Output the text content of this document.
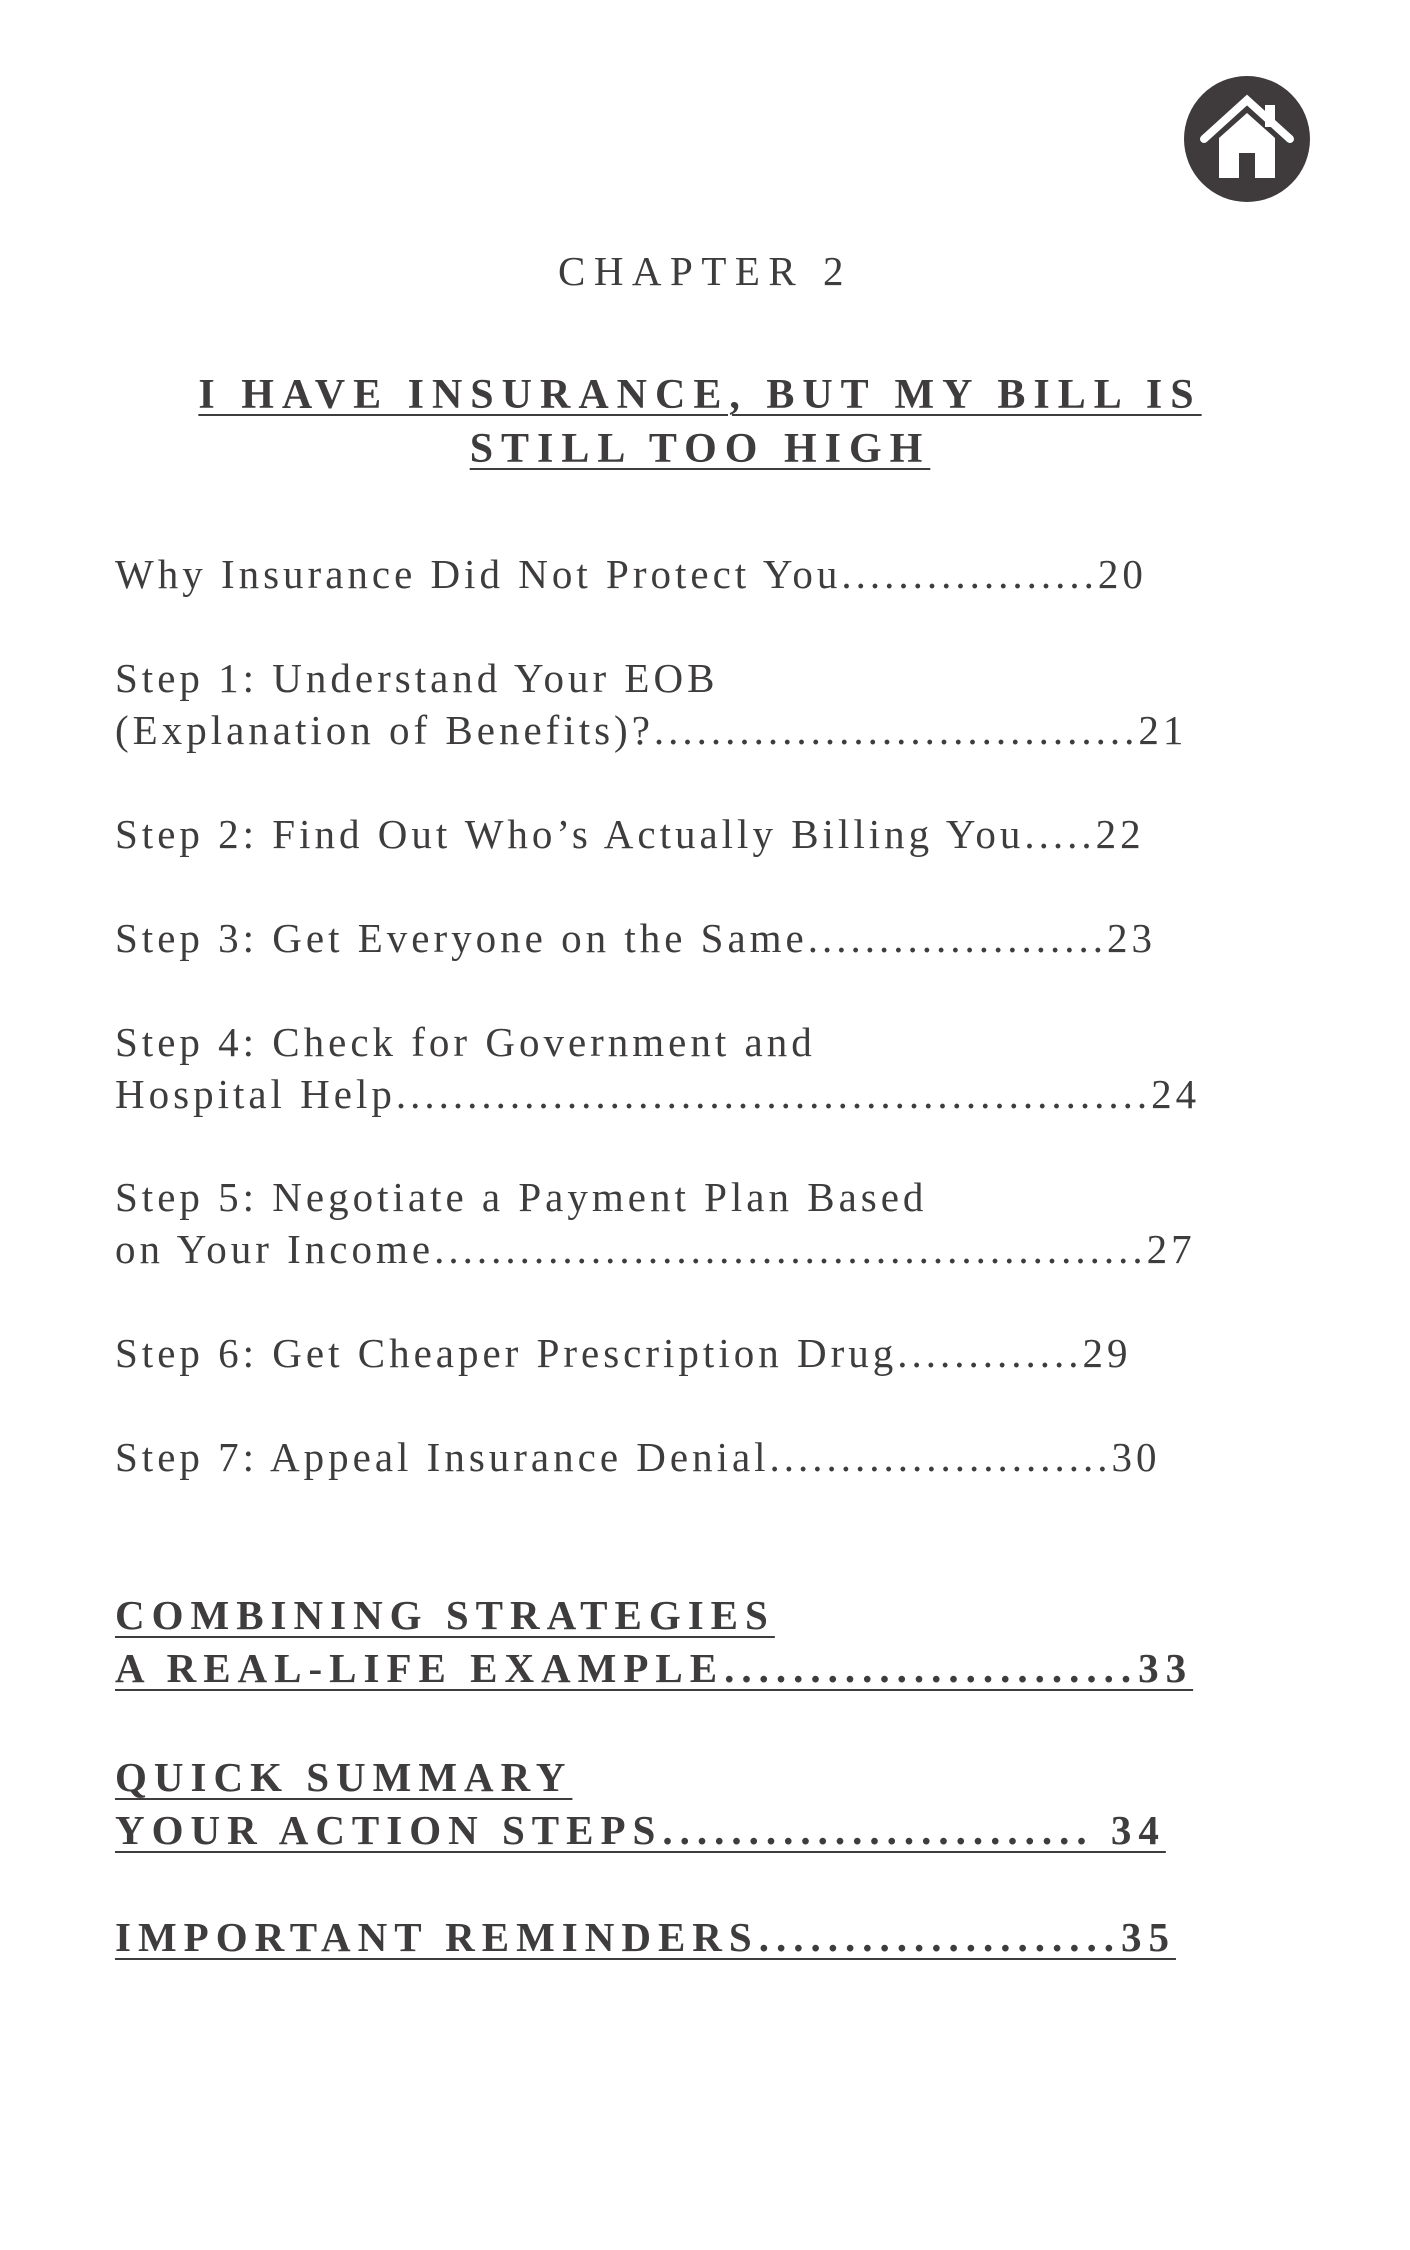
CHAPTER 2
I HAVE INSURANCE, BUT MY BILL IS
STILL TOO HIGH
Why Insurance Did Not Protect You..................20
Step 1: Understand Your EOB
(Explanation of Benefits)?..................................21
Step 2: Find Out Who’s Actually Billing You.....22
Step 3: Get Everyone on the Same.....................23
Step 4: Check for Government and
Hospital Help.....................................................24
Step 5: Negotiate a Payment Plan Based
on Your Income..................................................27
Step 6: Get Cheaper Prescription Drug.............29
Step 7: Appeal Insurance Denial........................30
COMBINING STRATEGIES
A REAL-LIFE EXAMPLE........................33
QUICK SUMMARY
YOUR ACTION STEPS......................... 34
IMPORTANT REMINDERS.....................35
